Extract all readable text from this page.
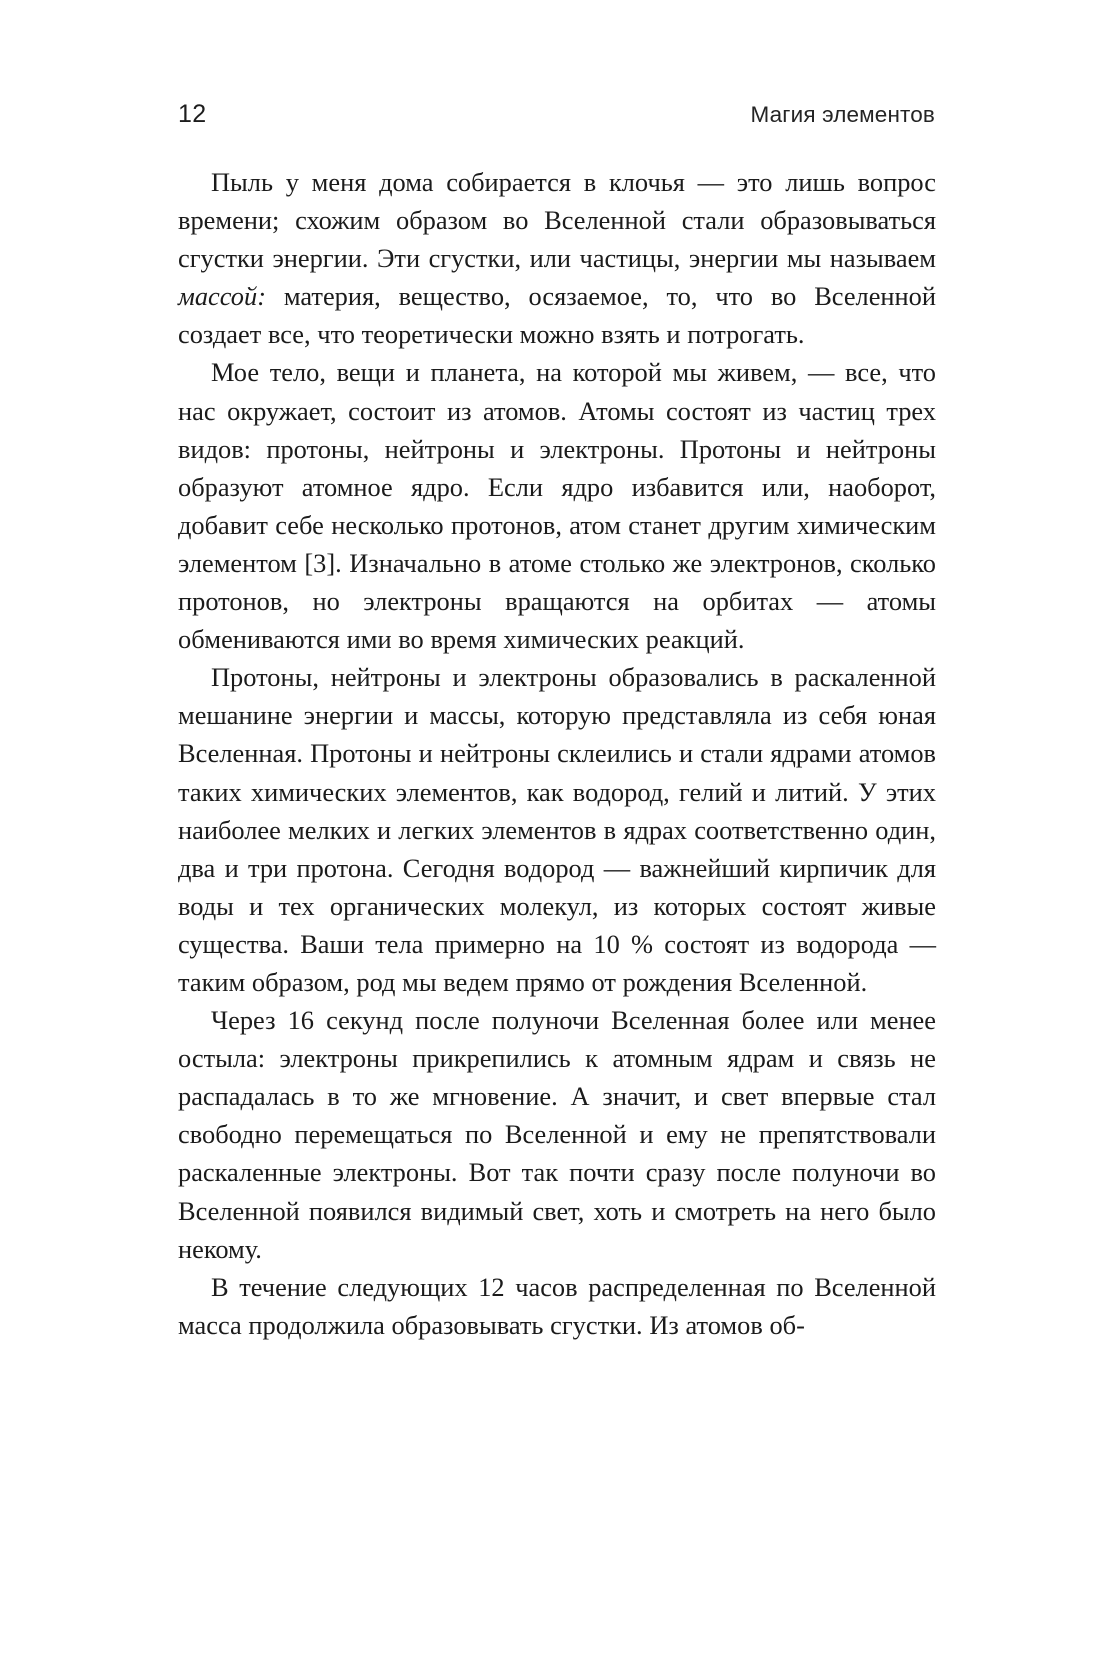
12	Магия элементов

Пыль у меня дома собирается в клочья — это лишь вопрос времени; схожим образом во Вселенной стали образовываться сгустки энергии. Эти сгустки, или частицы, энергии мы называем массой: материя, вещество, осязаемое, то, что во Вселенной создает все, что теоретически можно взять и потрогать.

Мое тело, вещи и планета, на которой мы живем, — все, что нас окружает, состоит из атомов. Атомы состоят из частиц трех видов: протоны, нейтроны и электроны. Протоны и нейтроны образуют атомное ядро. Если ядро избавится или, наоборот, добавит себе несколько протонов, атом станет другим химическим элементом [3]. Изначально в атоме столько же электронов, сколько протонов, но электроны вращаются на орбитах — атомы обмениваются ими во время химических реакций.

Протоны, нейтроны и электроны образовались в раскаленной мешанине энергии и массы, которую представляла из себя юная Вселенная. Протоны и нейтроны склеились и стали ядрами атомов таких химических элементов, как водород, гелий и литий. У этих наиболее мелких и легких элементов в ядрах соответственно один, два и три протона. Сегодня водород — важнейший кирпичик для воды и тех органических молекул, из которых состоят живые существа. Ваши тела примерно на 10 % состоят из водорода — таким образом, род мы ведем прямо от рождения Вселенной.

Через 16 секунд после полуночи Вселенная более или менее остыла: электроны прикрепились к атомным ядрам и связь не распадалась в то же мгновение. А значит, и свет впервые стал свободно перемещаться по Вселенной и ему не препятствовали раскаленные электроны. Вот так почти сразу после полуночи во Вселенной появился видимый свет, хоть и смотреть на него было некому.

В течение следующих 12 часов распределенная по Вселенной масса продолжила образовывать сгустки. Из атомов об-
